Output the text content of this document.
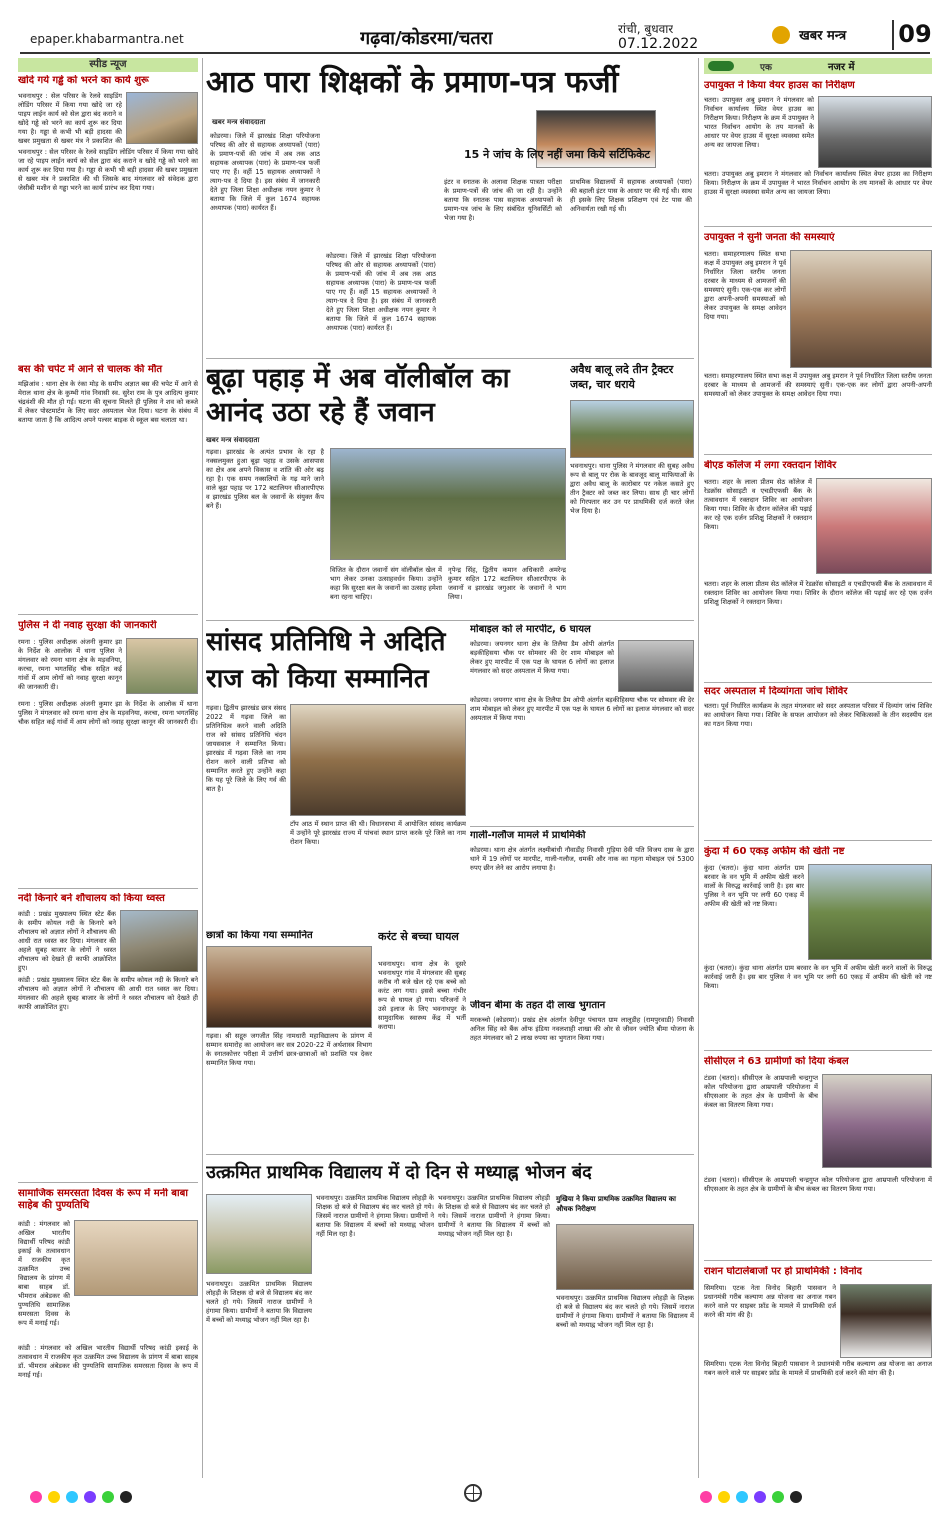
epaper.khabarmantra.net	गढ़वा/कोडरमा/चतरा	रांची, बुधवार
07.12.2022	खबर मन्त्र	09
स्पीड न्यूज
खोदे गये गड्ढे को भरने का कार्य शुरू
भवनाथपुर : सेल परिसर के रेलवे साइडिंग लोडिंग परिसर में किया गया खोदे जा रहे पाइप लाईन कार्य को सेल द्वारा बंद कराने व खोदे गड्ढे को भरने का कार्य शुरू कर दिया गया है। गड्ढा से कभी भी बड़ी हादसा की खबर प्रमुखता से खबर मंत्र ने प्रकाशित की
भवनाथपुर : सेल परिसर के रेलवे साइडिंग लोडिंग परिसर में किया गया खोदे जा रहे पाइप लाईन कार्य को सेल द्वारा बंद कराने व खोदे गड्ढे को भरने का कार्य शुरू कर दिया गया है। गड्ढा से कभी भी बड़ी हादसा की खबर प्रमुखता से खबर मंत्र ने प्रकाशित की थी जिसके बाद मंगलवार को संवेदक द्वारा जेसीबी मशीन से गड्ढा भरने का कार्य प्रारंभ कर दिया गया।
बस की चपेट में आने से चालक की मौत
मझिआंव : थाना क्षेत्र के रंका मोड़ के समीप अज्ञात बस की चपेट में आने से मेराल थाना क्षेत्र के कुम्भी गांव निवासी स्व. सुरेश राम के पुत्र आदित्य कुमार चंद्रवंशी की मौत हो गई। घटना की सूचना मिलते ही पुलिस ने शव को कब्जे में लेकर पोस्टमार्टम के लिए सदर अस्पताल भेज दिया। घटना के संबंध में बताया जाता है कि आदित्य अपने पल्सर बाइक से स्कूल बस चलाता था।
पुलिस ने दी नवाह सुरक्षा की जानकारी
रमना : पुलिस अधीक्षक अंजनी कुमार झा के निर्देश के आलोक में थाना पुलिस ने मंगलवार को रमना थाना क्षेत्र के मड़वनिया, करचा, रमना भगतसिंह चौक सहित कई गांवों में आम लोगों को नवाह सुरक्षा कानून की जानकारी दी।
रमना : पुलिस अधीक्षक अंजनी कुमार झा के निर्देश के आलोक में थाना पुलिस ने मंगलवार को रमना थाना क्षेत्र के मड़वनिया, करचा, रमना भगतसिंह चौक सहित कई गांवों में आम लोगों को नवाह सुरक्षा कानून की जानकारी दी।
नदी किनारे बने शौचालय को किया ध्वस्त
कांडी : प्रखंड मुख्यालय स्थित स्टेट बैंक के समीप कोयल नदी के किनारे बने शौचालय को अज्ञात लोगों ने शौचालय की आधी रात ध्वस्त कर दिया। मंगलवार की अहले सुबह बाजार के लोगों ने ध्वस्त शौचालय को देखते ही काफी आक्रोशित हुए।
कांडी : प्रखंड मुख्यालय स्थित स्टेट बैंक के समीप कोयल नदी के किनारे बने शौचालय को अज्ञात लोगों ने शौचालय की आधी रात ध्वस्त कर दिया। मंगलवार की अहले सुबह बाजार के लोगों ने ध्वस्त शौचालय को देखते ही काफी आक्रोशित हुए।
सामाजिक समरसता दिवस के रूप में मनी बाबा साहेब की पुण्यतिथि
कांडी : मंगलवार को अखिल भारतीय विद्यार्थी परिषद कांडी इकाई के तत्वावधान में राजकीय कृत उत्क्रमित उच्च विद्यालय के प्रांगण में बाबा साहब डॉ. भीमराव अंबेडकर की पुण्यतिथि सामाजिक समरसता दिवस के रूप में मनाई गई।
कांडी : मंगलवार को अखिल भारतीय विद्यार्थी परिषद कांडी इकाई के तत्वावधान में राजकीय कृत उत्क्रमित उच्च विद्यालय के प्रांगण में बाबा साहब डॉ. भीमराव अंबेडकर की पुण्यतिथि सामाजिक समरसता दिवस के रूप में मनाई गई।
आठ पारा शिक्षकों के प्रमाण-पत्र फर्जी
खबर मन्त्र संवाददाता
15 ने जांच के लिए नहीं जमा किये सर्टिफिकेट
कोडरमा। जिले में झारखंड शिक्षा परियोजना परिषद की ओर से सहायक अध्यापकों (पारा) के प्रमाण-पत्रों की जांच में अब तक आठ सहायक अध्यापक (पारा) के प्रमाण-पत्र फर्जी पाए गए हैं। वहीं 15 सहायक अध्यापकों ने त्याग-पत्र दे दिया है। इस संबंध में जानकारी देते हुए जिला शिक्षा अधीक्षक नयन कुमार ने बताया कि जिले में कुल 1674 सहायक अध्यापक (पारा) कार्यरत हैं।
कोडरमा। जिले में झारखंड शिक्षा परियोजना परिषद की ओर से सहायक अध्यापकों (पारा) के प्रमाण-पत्रों की जांच में अब तक आठ सहायक अध्यापक (पारा) के प्रमाण-पत्र फर्जी पाए गए हैं। वहीं 15 सहायक अध्यापकों ने त्याग-पत्र दे दिया है। इस संबंध में जानकारी देते हुए जिला शिक्षा अधीक्षक नयन कुमार ने बताया कि जिले में कुल 1674 सहायक अध्यापक (पारा) कार्यरत हैं।
इंटर व स्नातक के अलावा शिक्षक पात्रता परीक्षा के प्रमाण-पत्रों की जांच की जा रही है। उन्होंने बताया कि स्नातक पास सहायक अध्यापकों के प्रमाण-पत्र जांच के लिए संबंधित यूनिवर्सिटी को भेजा गया है।
प्राथमिक विद्यालयों में सहायक अध्यापकों (पारा) की बहाली इंटर पास के आधार पर की गई थी। साथ ही इसके लिए शिक्षक प्रशिक्षण एवं टेट पास की अनिवार्यता रखी गई थी।
बूढ़ा पहाड़ में अब वॉलीबॉल का आनंद उठा रहे हैं जवान
खबर मन्त्र संवाददाता
गढ़वा। झारखंड के अत्यंत प्रभाव के रहा है नक्सलमुक्त हुआ बूढ़ा पहाड़ व उसके आसपास का क्षेत्र अब अपने विकास व शांति की ओर बढ़ रहा है। एक समय नक्सलियों के गढ़ माने जाने वाले बूढ़ा पहाड़ पर 172 बटालियन सीआरपीएफ व झारखंड पुलिस बल के जवानों के संयुक्त कैंप बने हैं।
विजित के दौरान जवानों संग वॉलीबॉल खेल में भाग लेकर उनका उत्साहवर्धन किया। उन्होंने कहा कि सुरक्षा बल के जवानों का उत्साह हमेशा बना रहना चाहिए।
नृपेन्द्र सिंह, द्वितीय कमान अधिकारी अमरेन्द्र कुमार सहित 172 बटालियन सीआरपीएफ के जवानों व झारखंड जगुआर के जवानों ने भाग लिया।
अवैध बालू लदे तीन ट्रैक्टर जब्त, चार धराये
भवनाथपुर। थाना पुलिस ने मंगलवार की सुबह अवैध रूप से बालू पर रोक के बावजूद बालू माफियाओं के द्वारा अवैध बालू के कारोबार पर नकेल कसते हुए तीन ट्रैक्टर को जब्त कर लिया। साथ ही चार लोगों को गिरफ्तार कर उन पर प्राथमिकी दर्ज करते जेल भेज दिया है।
सांसद प्रतिनिधि ने अदिति राज को किया सम्मानित
गढ़वा। द्वितीय झारखंड छात्र संसद 2022 में गढ़वा जिले का प्रतिनिधित्व करने वाली अदिति राज को सांसद प्रतिनिधि चंदन जायसवाल ने सम्मानित किया। झारखंड में गढ़वा जिले का नाम रोशन करने वाली प्रतिभा को सम्मानित करते हुए उन्होंने कहा कि यह पूरे जिले के लिए गर्व की बात है।
टॉप आठ में स्थान प्राप्त की थी। विधानसभा में आयोजित सांसद कार्यक्रम में उन्होंने पूरे झारखंड राज्य में पांचवां स्थान प्राप्त करके पूरे जिले का नाम रोशन किया।
मोबाइल को ले मारपीट, 6 घायल
कोडरमा। जयनगर थाना क्षेत्र के तिलैया डैम ओपी अंतर्गत बड़कीहिसया चौक पर सोमवार की देर शाम मोबाइल को लेकर हुए मारपीट में एक पक्ष के घायल 6 लोगों का इलाज मंगलवार को सदर अस्पताल में किया गया।
कोडरमा। जयनगर थाना क्षेत्र के तिलैया डैम ओपी अंतर्गत बड़कीहिसया चौक पर सोमवार की देर शाम मोबाइल को लेकर हुए मारपीट में एक पक्ष के घायल 6 लोगों का इलाज मंगलवार को सदर अस्पताल में किया गया।
गाली-गलौज मामले में प्राथमिकी
कोडरमा। थाना क्षेत्र अंतर्गत लक्ष्मीबांधी नौवाडीह निवासी गुड़िया देवी पति विजय दास के द्वारा थाने में 19 लोगों पर मारपीट, गाली-गलौज, धमकी और नाक का गहना मोबाइल एवं 5300 रुपए छीन लेने का आरोप लगाया है।
जीवन बीमा के तहत दी लाख भुगतान
मरकच्चो (कोडरमा)। प्रखंड क्षेत्र अंतर्गत देवीपुर पंचायत ग्राम लालूडीह (रामपुरवाडी) निवासी अनिल सिंह को बैंक ऑफ इंडिया नवलशाही शाखा की ओर से जीवन ज्योति बीमा योजना के तहत मंगलवार को 2 लाख रुपया का भुगतान किया गया।
छात्रों का किया गया सम्मानित
गढ़वा। श्री सद्गुरु जगजीत सिंह नामधारी महाविद्यालय के प्रांगण में सम्मान समारोह का आयोजन कर सत्र 2020-22 में अर्थशास्त्र विभाग के स्नातकोत्तर परीक्षा में उत्तीर्ण छात्र-छात्राओं को प्रशस्ति पत्र देकर सम्मानित किया गया।
करंट से बच्चा घायल
भवनाथपुर। थाना क्षेत्र के दूसरे भवनाथपुर गांव में मंगलवार की सुबह करीब नौ बजे खेल रहे एक बच्चे को करंट लग गया। इससे बच्चा गंभीर रूप से घायल हो गया। परिजनों ने उसे इलाज के लिए भवनाथपुर के सामुदायिक स्वास्थ्य केंद्र में भर्ती कराया।
उत्क्रमित प्राथमिक विद्यालय में दो दिन से मध्याह्न भोजन बंद
भवनाथपुर। उत्क्रमित प्राथमिक विद्यालय लोहड़ी के शिक्षक दो बजे से विद्यालय बंद कर चलते हो गये। जिसमें नाराज ग्रामीणों ने हंगामा किया। ग्रामीणों ने बताया कि विद्यालय में बच्चों को मध्याह्न भोजन नहीं मिल रहा है।
भवनाथपुर। उत्क्रमित प्राथमिक विद्यालय लोहड़ी के शिक्षक दो बजे से विद्यालय बंद कर चलते हो गये। जिसमें नाराज ग्रामीणों ने हंगामा किया। ग्रामीणों ने बताया कि विद्यालय में बच्चों को मध्याह्न भोजन नहीं मिल रहा है।
भवनाथपुर। उत्क्रमित प्राथमिक विद्यालय लोहड़ी के शिक्षक दो बजे से विद्यालय बंद कर चलते हो गये। जिसमें नाराज ग्रामीणों ने हंगामा किया। ग्रामीणों ने बताया कि विद्यालय में बच्चों को मध्याह्न भोजन नहीं मिल रहा है।
मुखिया ने किया प्राथमिक उत्क्रमित विद्यालय का औचक निरीक्षण
भवनाथपुर। उत्क्रमित प्राथमिक विद्यालय लोहड़ी के शिक्षक दो बजे से विद्यालय बंद कर चलते हो गये। जिसमें नाराज ग्रामीणों ने हंगामा किया। ग्रामीणों ने बताया कि विद्यालय में बच्चों को मध्याह्न भोजन नहीं मिल रहा है।
एक	नजर में
उपायुक्त ने किया वेयर हाउस का निरीक्षण
चतरा। उपायुक्त अबु इमरान ने मंगलवार को निर्वाचन कार्यालय स्थित वेयर हाउस का निरीक्षण किया। निरीक्षण के क्रम में उपायुक्त ने भारत निर्वाचन आयोग के तय मानकों के आधार पर वेयर हाउस में सुरक्षा व्यवस्था समेत अन्य का जायजा लिया।
चतरा। उपायुक्त अबु इमरान ने मंगलवार को निर्वाचन कार्यालय स्थित वेयर हाउस का निरीक्षण किया। निरीक्षण के क्रम में उपायुक्त ने भारत निर्वाचन आयोग के तय मानकों के आधार पर वेयर हाउस में सुरक्षा व्यवस्था समेत अन्य का जायजा लिया।
उपायुक्त ने सुनी जनता की समस्याएं
चतरा। समाहरणालय स्थित सभा कक्ष में उपायुक्त अबु इमरान ने पूर्व निर्धारित जिला स्तरीय जनता दरबार के माध्यम से आमजनों की समस्याएं सुनी। एक-एक कर लोगों द्वारा अपनी-अपनी समस्याओं को लेकर उपायुक्त के समक्ष आवेदन दिया गया।
चतरा। समाहरणालय स्थित सभा कक्ष में उपायुक्त अबु इमरान ने पूर्व निर्धारित जिला स्तरीय जनता दरबार के माध्यम से आमजनों की समस्याएं सुनी। एक-एक कर लोगों द्वारा अपनी-अपनी समस्याओं को लेकर उपायुक्त के समक्ष आवेदन दिया गया।
बीएड कॉलेज में लगा रक्तदान शिविर
चतरा। शहर के लाला प्रीतम सेठ कॉलेज में रेडक्रॉस सोसाइटी व एचडीएफसी बैंक के तत्वावधान में रक्तदान शिविर का आयोजन किया गया। शिविर के दौरान कॉलेज की पढ़ाई कर रहे एक दर्जन प्रशिक्षु शिक्षकों ने रक्तदान किया।
चतरा। शहर के लाला प्रीतम सेठ कॉलेज में रेडक्रॉस सोसाइटी व एचडीएफसी बैंक के तत्वावधान में रक्तदान शिविर का आयोजन किया गया। शिविर के दौरान कॉलेज की पढ़ाई कर रहे एक दर्जन प्रशिक्षु शिक्षकों ने रक्तदान किया।
सदर अस्पताल में दिव्यांगता जांच शिविर
चतरा। पूर्व निर्धारित कार्यक्रम के तहत मंगलवार को सदर अस्पताल परिसर में दिव्यांग जांच शिविर का आयोजन किया गया। शिविर के सफल आयोजन को लेकर चिकित्सकों के तीन सदस्यीय दल का गठन किया गया।
कुंदा में 60 एकड़ अफीम की खेती नष्ट
कुंदा (चतरा)। कुंदा थाना अंतर्गत ग्राम बरवार के वन भूमि में अफीम खेती करने वालों के विरुद्ध कार्रवाई जारी है। इस बार पुलिस ने वन भूमि पर लगी 60 एकड़ में अफीम की खेती को नष्ट किया।
कुंदा (चतरा)। कुंदा थाना अंतर्गत ग्राम बरवार के वन भूमि में अफीम खेती करने वालों के विरुद्ध कार्रवाई जारी है। इस बार पुलिस ने वन भूमि पर लगी 60 एकड़ में अफीम की खेती को नष्ट किया।
सीसीएल ने 63 ग्रामीणों को दिया कंबल
टंडवा (चतरा)। सीसीएल के आम्रपाली चन्द्रगुप्त कोल परियोजना द्वारा आम्रपाली परियोजना में सीएसआर के तहत क्षेत्र के ग्रामीणों के बीच कंबल का वितरण किया गया।
टंडवा (चतरा)। सीसीएल के आम्रपाली चन्द्रगुप्त कोल परियोजना द्वारा आम्रपाली परियोजना में सीएसआर के तहत क्षेत्र के ग्रामीणों के बीच कंबल का वितरण किया गया।
राशन घोटालेबाजों पर हो प्राथमिकी : विनोद
सिमरिया। एटक नेता विनोद बिहारी पासवान ने प्रधानमंत्री गरीब कल्याण अन्न योजना का अनाज गबन करने वाले पर साइबर फ्रॉड के मामले में प्राथमिकी दर्ज करने की मांग की है।
सिमरिया। एटक नेता विनोद बिहारी पासवान ने प्रधानमंत्री गरीब कल्याण अन्न योजना का अनाज गबन करने वाले पर साइबर फ्रॉड के मामले में प्राथमिकी दर्ज करने की मांग की है।
